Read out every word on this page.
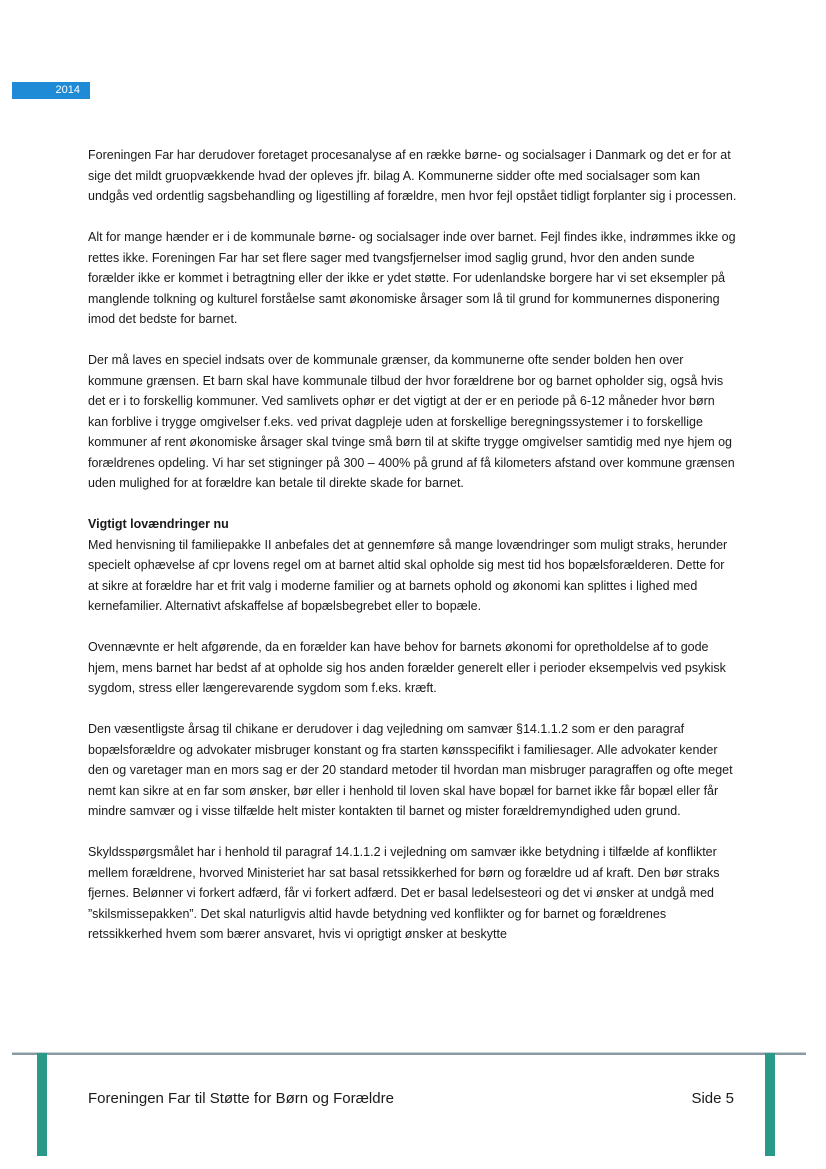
2014

Foreningen Far har derudover foretaget procesanalyse af en række børne- og socialsager i Danmark og det er for at sige det mildt gruopvækkende hvad der opleves jfr. bilag A. Kommunerne sidder ofte med socialsager som kan undgås ved ordentlig sagsbehandling og ligestilling af forældre, men hvor fejl opstået tidligt forplanter sig i processen.

Alt for mange hænder er i de kommunale børne- og socialsager inde over barnet. Fejl findes ikke, indrømmes ikke og rettes ikke. Foreningen Far har set flere sager med tvangsfjernelser imod saglig grund, hvor den anden sunde forælder ikke er kommet i betragtning eller der ikke er ydet støtte. For udenlandske borgere har vi set eksempler på manglende tolkning og kulturel forståelse samt økonomiske årsager som lå til grund for kommunernes disponering imod det bedste for barnet.

Der må laves en speciel indsats over de kommunale grænser, da kommunerne ofte sender bolden hen over kommune grænsen. Et barn skal have kommunale tilbud der hvor forældrene bor og barnet opholder sig, også hvis det er i to forskellig kommuner. Ved samlivets ophør er det vigtigt at der er en periode på 6-12 måneder hvor børn kan forblive i trygge omgivelser f.eks. ved privat dagpleje uden at forskellige beregningssystemer i to forskellige kommuner af rent økonomiske årsager skal tvinge små børn til at skifte trygge omgivelser samtidig med nye hjem og forældrenes opdeling. Vi har set stigninger på 300 – 400% på grund af få kilometers afstand over kommune grænsen uden mulighed for at forældre kan betale til direkte skade for barnet.

Vigtigt lovændringer nu

Med henvisning til familiepakke II anbefales det at gennemføre så mange lovændringer som muligt straks, herunder specielt ophævelse af cpr lovens regel om at barnet altid skal opholde sig mest tid hos bopælsforælderen. Dette for at sikre at forældre har et frit valg i moderne familier og at barnets ophold og økonomi kan splittes i lighed med kernefamilier. Alternativt afskaffelse af bopælsbegrebet eller to bopæle.

Ovennævnte er helt afgørende, da en forælder kan have behov for barnets økonomi for opretholdelse af to gode hjem, mens barnet har bedst af at opholde sig hos anden forælder generelt eller i perioder eksempelvis ved psykisk sygdom, stress eller længerevarende sygdom som f.eks. kræft.

Den væsentligste årsag til chikane er derudover i dag vejledning om samvær §14.1.1.2 som er den paragraf bopælsforældre og advokater misbruger konstant og fra starten kønsspecifikt i familiesager. Alle advokater kender den og varetager man en mors sag er der 20 standard metoder til hvordan man misbruger paragraffen og ofte meget nemt kan sikre at en far som ønsker, bør eller i henhold til loven skal have bopæl for barnet ikke får bopæl eller får mindre samvær og i visse tilfælde helt mister kontakten til barnet og mister forældremyndighed uden grund.

Skyldsspørgsmålet har i henhold til paragraf 14.1.1.2 i vejledning om samvær ikke betydning i tilfælde af konflikter mellem forældrene, hvorved Ministeriet har sat basal retssikkerhed for børn og forældre ud af kraft. Den bør straks fjernes. Belønner vi forkert adfærd, får vi forkert adfærd. Det er basal ledelsesteori og det vi ønsker at undgå med ”skilsmissepakken”. Det skal naturligvis altid havde betydning ved konflikter og for barnet og forældrenes retssikkerhed hvem som bærer ansvaret, hvis vi oprigtigt ønsker at beskytte

Foreningen Far til Støtte for Børn og Forældre	Side 5
